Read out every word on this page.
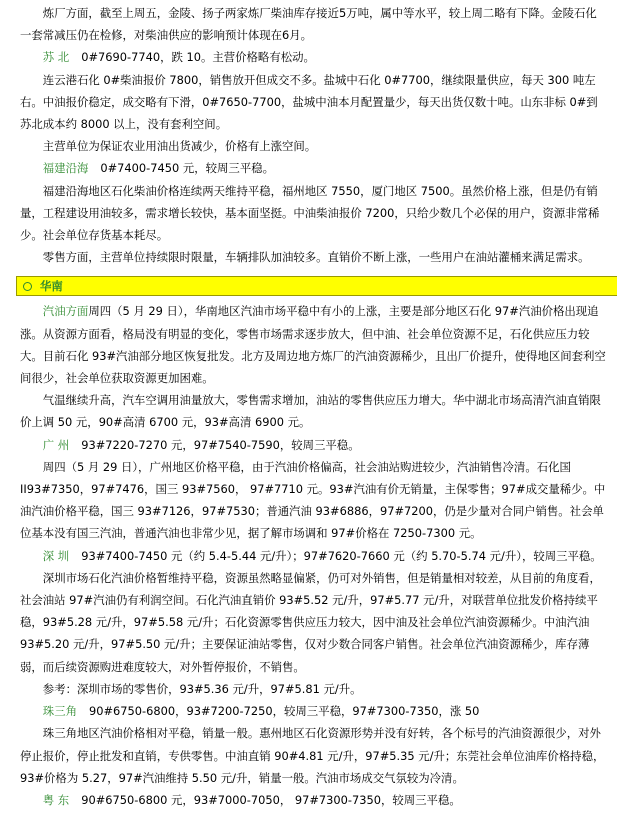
炼厂方面，截至上周五，金陵、扬子两家炼厂柴油库存接近5万吨，属中等水平，较上周二略有下降。金陵石化一套常减压仍在检修，对柴油供应的影响预计体现在6月。

苏 北 0#7690-7740，跌 10。主营价格略有松动。

连云港石化 0#柴油报价 7800，销售放开但成交不多。盐城中石化 0#7700，继续限量供应，每天 300 吨左右。中油报价稳定，成交略有下滑，0#7650-7700，盐城中油本月配置量少，每天出货仅数十吨。山东非标 0#到苏北成本约 8000 以上，没有套利空间。

主营单位为保证农业用油出货减少，价格有上涨空间。

福建沿海 0#7400-7450 元，较周三平稳。

福建沿海地区石化柴油价格连续两天维持平稳，福州地区 7550，厦门地区 7500。虽然价格上涨，但是仍有销量，工程建设用油较多，需求增长较快，基本面坚挺。中油柴油报价 7200，只给少数几个必保的用户，资源非常稀少。社会单位存货基本耗尽。

零售方面，主营单位持续限时限量，车辆排队加油较多。直销价不断上涨，一些用户在油站灌桶来满足需求。

华南

汽油方面周四（5 月 29 日），华南地区汽油市场平稳中有小的上涨，主要是部分地区石化 97#汽油价格出现追涨。从资源方面看，格局没有明显的变化，零售市场需求逐步放大，但中油、社会单位资源不足，石化供应压力较大。目前石化 93#汽油部分地区恢复批发。北方及周边地方炼厂的汽油资源稀少，且出厂价提升，使得地区间套利空间很少，社会单位获取资源更加困难。

气温继续升高，汽车空调用油量放大，零售需求增加，油站的零售供应压力增大。华中湖北市场高清汽油直销限价上调 50 元，90#高清 6700 元，93#高清 6900 元。

广 州 93#7220-7270 元，97#7540-7590，较周三平稳。

周四（5 月 29 日），广州地区价格平稳，由于汽油价格偏高，社会油站购进较少，汽油销售冷清。石化国 II93#7350，97#7476，国三 93#7560， 97#7710 元。93#汽油有价无销量，主保零售；97#成交量稀少。中油汽油价格平稳，国三 93#7126，97#7530；普通汽油 93#6886，97#7200，仍是少量对合同户销售。社会单位基本没有国三汽油，普通汽油也非常少见，据了解市场调和 97#价格在 7250-7300 元。

深 圳 93#7400-7450 元（约 5.4-5.44 元/升）；97#7620-7660 元（约 5.70-5.74 元/升），较周三平稳。

深圳市场石化汽油价格暂维持平稳，资源虽然略显偏紧，仍可对外销售，但是销量相对较差，从目前的角度看，社会油站 97#汽油仍有利润空间。石化汽油直销价 93#5.52 元/升，97#5.77 元/升，对联营单位批发价格持续平稳，93#5.28 元/升，97#5.58 元/升；石化资源零售供应压力较大，因中油及社会单位汽油资源稀少。中油汽油 93#5.20 元/升，97#5.50 元/升；主要保证油站零售，仅对少数合同客户销售。社会单位汽油资源稀少，库存薄弱，而后续资源购进难度较大，对外暂停报价，不销售。

参考：深圳市场的零售价，93#5.36 元/升，97#5.81 元/升。

珠三角 90#6750-6800，93#7200-7250，较周三平稳，97#7300-7350，涨 50

珠三角地区汽油价格相对平稳，销量一般。惠州地区石化资源形势并没有好转，各个标号的汽油资源很少，对外停止报价，停止批发和直销，专供零售。中油直销 90#4.81 元/升，97#5.35 元/升；东莞社会单位油库价格持稳，93#价格为 5.27，97#汽油维持 5.50 元/升，销量一般。汽油市场成交气氛较为冷清。

粤 东 90#6750-6800 元，93#7000-7050， 97#7300-7350，较周三平稳。
